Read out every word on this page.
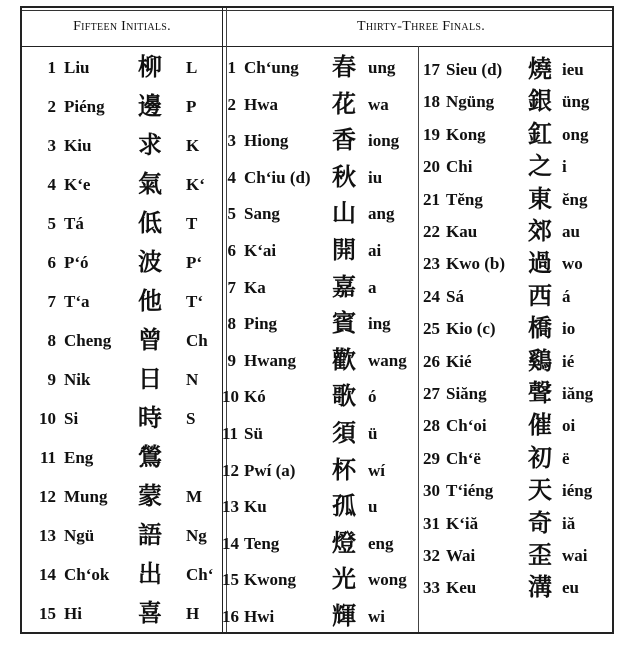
Fifteen Initials.	Thirty-Three Finals.
1 Liu 柳 L
2 Piéng 邊 P
3 Kiu 求 K
4 K‘e 氣 K‘
5 Tá 低 T
6 P‘ó 波 P‘
7 T‘a 他 T‘
8 Cheng 曾 Ch
9 Nik 日 N
10 Si 時 S
11 Eng 鶯
12 Mung 蒙 M
13 Ngü 語 Ng
14 Ch‘ok 出 Ch‘
15 Hi 喜 H
1 Ch‘ung 春 ung
2 Hwa 花 wa
3 Hiong 香 iong
4 Ch‘iu (d) 秋 iu
5 Sang 山 ang
6 K‘ai 開 ai
7 Ka	嘉 a
8 Ping 賓 ing
9 Hwang 歡 wang
10 Kó	歌 ó
11 Sü	須 ü
12 Pwí (a) 杯 wí
13 Ku	孤 u
14 Teng 燈 eng
15 Kwong 光 wong
16 Hwi 輝 wi
17 Sieu (d) 燒 ieu
18 Ngüng 銀 üng
19 Kong 釭 ong
20 Chi 之 i
21 Tĕng 東 ĕng
22 Kau 郊 au
23 Kwo (b) 過 wo
24 Sá	西 á
25 Kio (c) 橋 io
26 Kié 鷄 ié
27 Siăng 聲 iăng
28 Ch‘oi 催 oi
29 Ch‘ë 初 ë
30 T‘iéng 天 iéng
31 K‘iă 奇 iă
32 Wai 歪 wai
33 Keu 溝 eu
